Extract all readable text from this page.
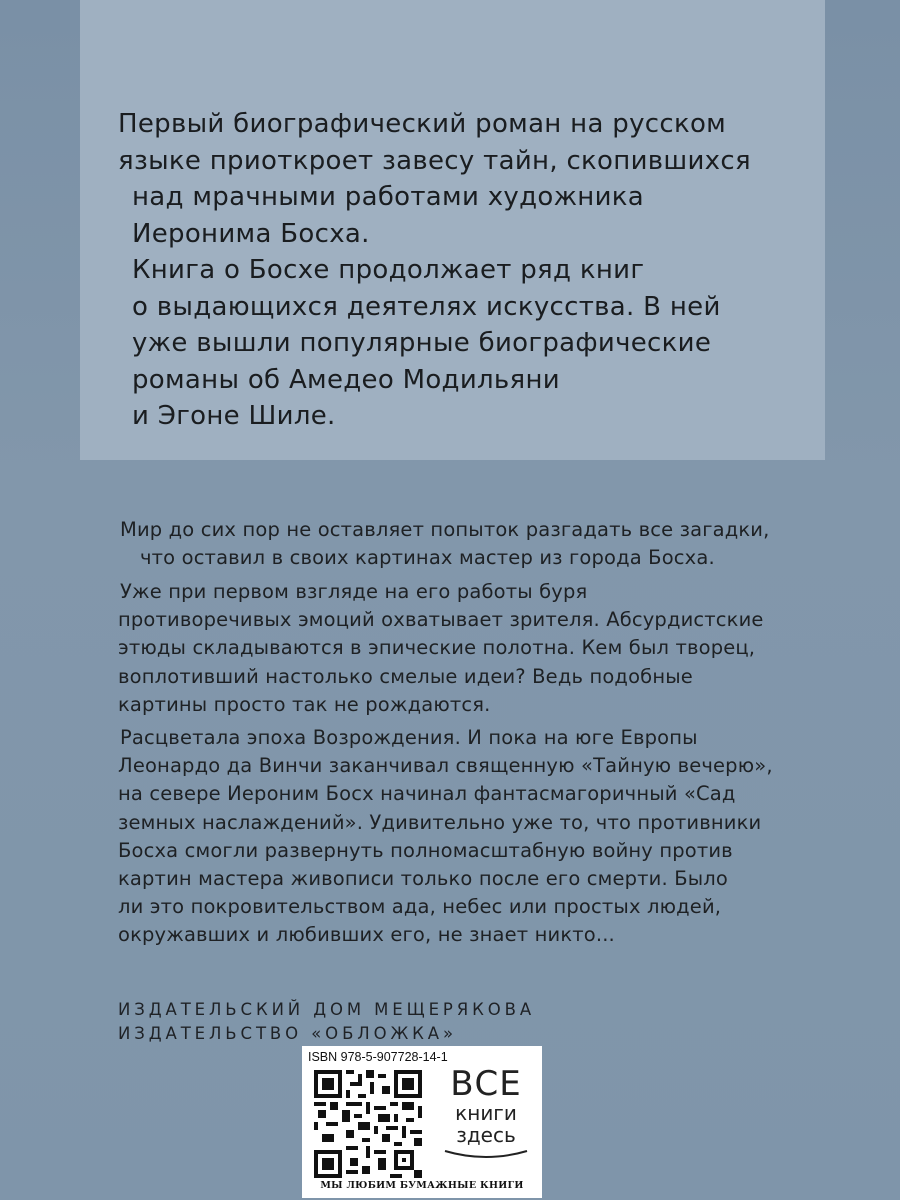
Первый биографический роман на русском
языке приоткроет завесу тайн, скопившихся
над мрачными работами художника
Иеронима Босха.
Книга о Босхе продолжает ряд книг
о выдающихся деятелях искусства. В ней
уже вышли популярные биографические
романы об Амедео Модильяни
и Эгоне Шиле.
Мир до сих пор не оставляет попыток разгадать все загадки,
что оставил в своих картинах мастер из города Босха.
Уже при первом взгляде на его работы буря
противоречивых эмоций охватывает зрителя. Абсурдистские
этюды складываются в эпические полотна. Кем был творец,
воплотивший настолько смелые идеи? Ведь подобные
картины просто так не рождаются.
Расцветала эпоха Возрождения. И пока на юге Европы
Леонардо да Винчи заканчивал священную «Тайную вечерю»,
на севере Иероним Босх начинал фантасмагоричный «Сад
земных наслаждений». Удивительно уже то, что противники
Босха смогли развернуть полномасштабную войну против
картин мастера живописи только после его смерти. Было
ли это покровительством ада, небес или простых людей,
окружавших и любивших его, не знает никто...
ИЗДАТЕЛЬСКИЙ ДОМ МЕЩЕРЯКОВА
ИЗДАТЕЛЬСТВО «ОБЛОЖКА»
ISBN 978-5-907728-14-1
ВСЕ
книги
здесь
МЫ ЛЮБИМ БУМАЖНЫЕ КНИГИ
